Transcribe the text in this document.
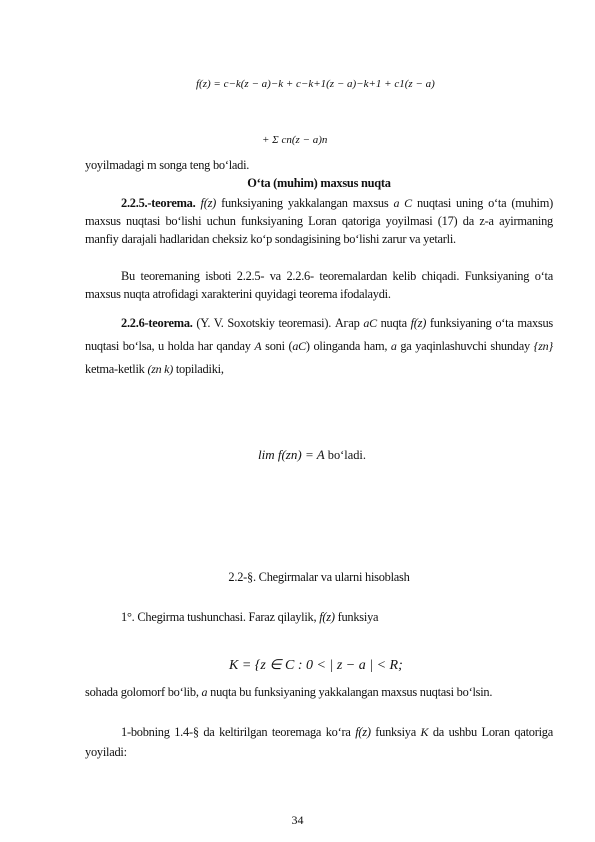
f(z) = c−k(z − a)−k + c−k+1(z − a)−k+1 + c1(z − a)
+ Σ cn(z − a)n
yoyilmadagi m songa teng bo‘ladi.
O‘ta (muhim) maxsus nuqta
2.2.5.-teorema. f(z) funksiyaning yakkalangan maxsus a C nuqtasi uning o‘ta (muhim) maxsus nuqtasi bo‘lishi uchun funksiyaning Loran qatoriga yoyilmasi (17) da z-a ayirmaning manfiy darajali hadlaridan cheksiz ko‘p sondagisining bo‘lishi zarur va yetarli.
Bu teoremaning isboti 2.2.5- va 2.2.6- teoremalardan kelib chiqadi. Funksiyaning o‘ta maxsus nuqta atrofidagi xarakterini quyidagi teorema ifodalaydi.
2.2.6-teorema. (Y. V. Soxotskiy teoremasi). Агар aC nuqta f(z) funksiyaning o‘ta maxsus nuqtasi bo‘lsa, u holda har qanday A soni (aC) olinganda ham, a ga yaqinlashuvchi shunday {zn} ketma-ketlik (zn k) topiladiki,
lim f(zn) = A bo‘ladi.
2.2-§. Chegirmalar va ularni hisoblash
1°. Chegirma tushunchasi. Faraz qilaylik, f(z) funksiya
K = {z ∈ C : 0 < | z − a | < R;
sohada golomorf bo‘lib, a nuqta bu funksiyaning yakkalangan maxsus nuqtasi bo‘lsin.
1-bobning 1.4-§ da keltirilgan teoremaga ko‘ra f(z) funksiya K da ushbu Loran qatoriga yoyiladi:
34
